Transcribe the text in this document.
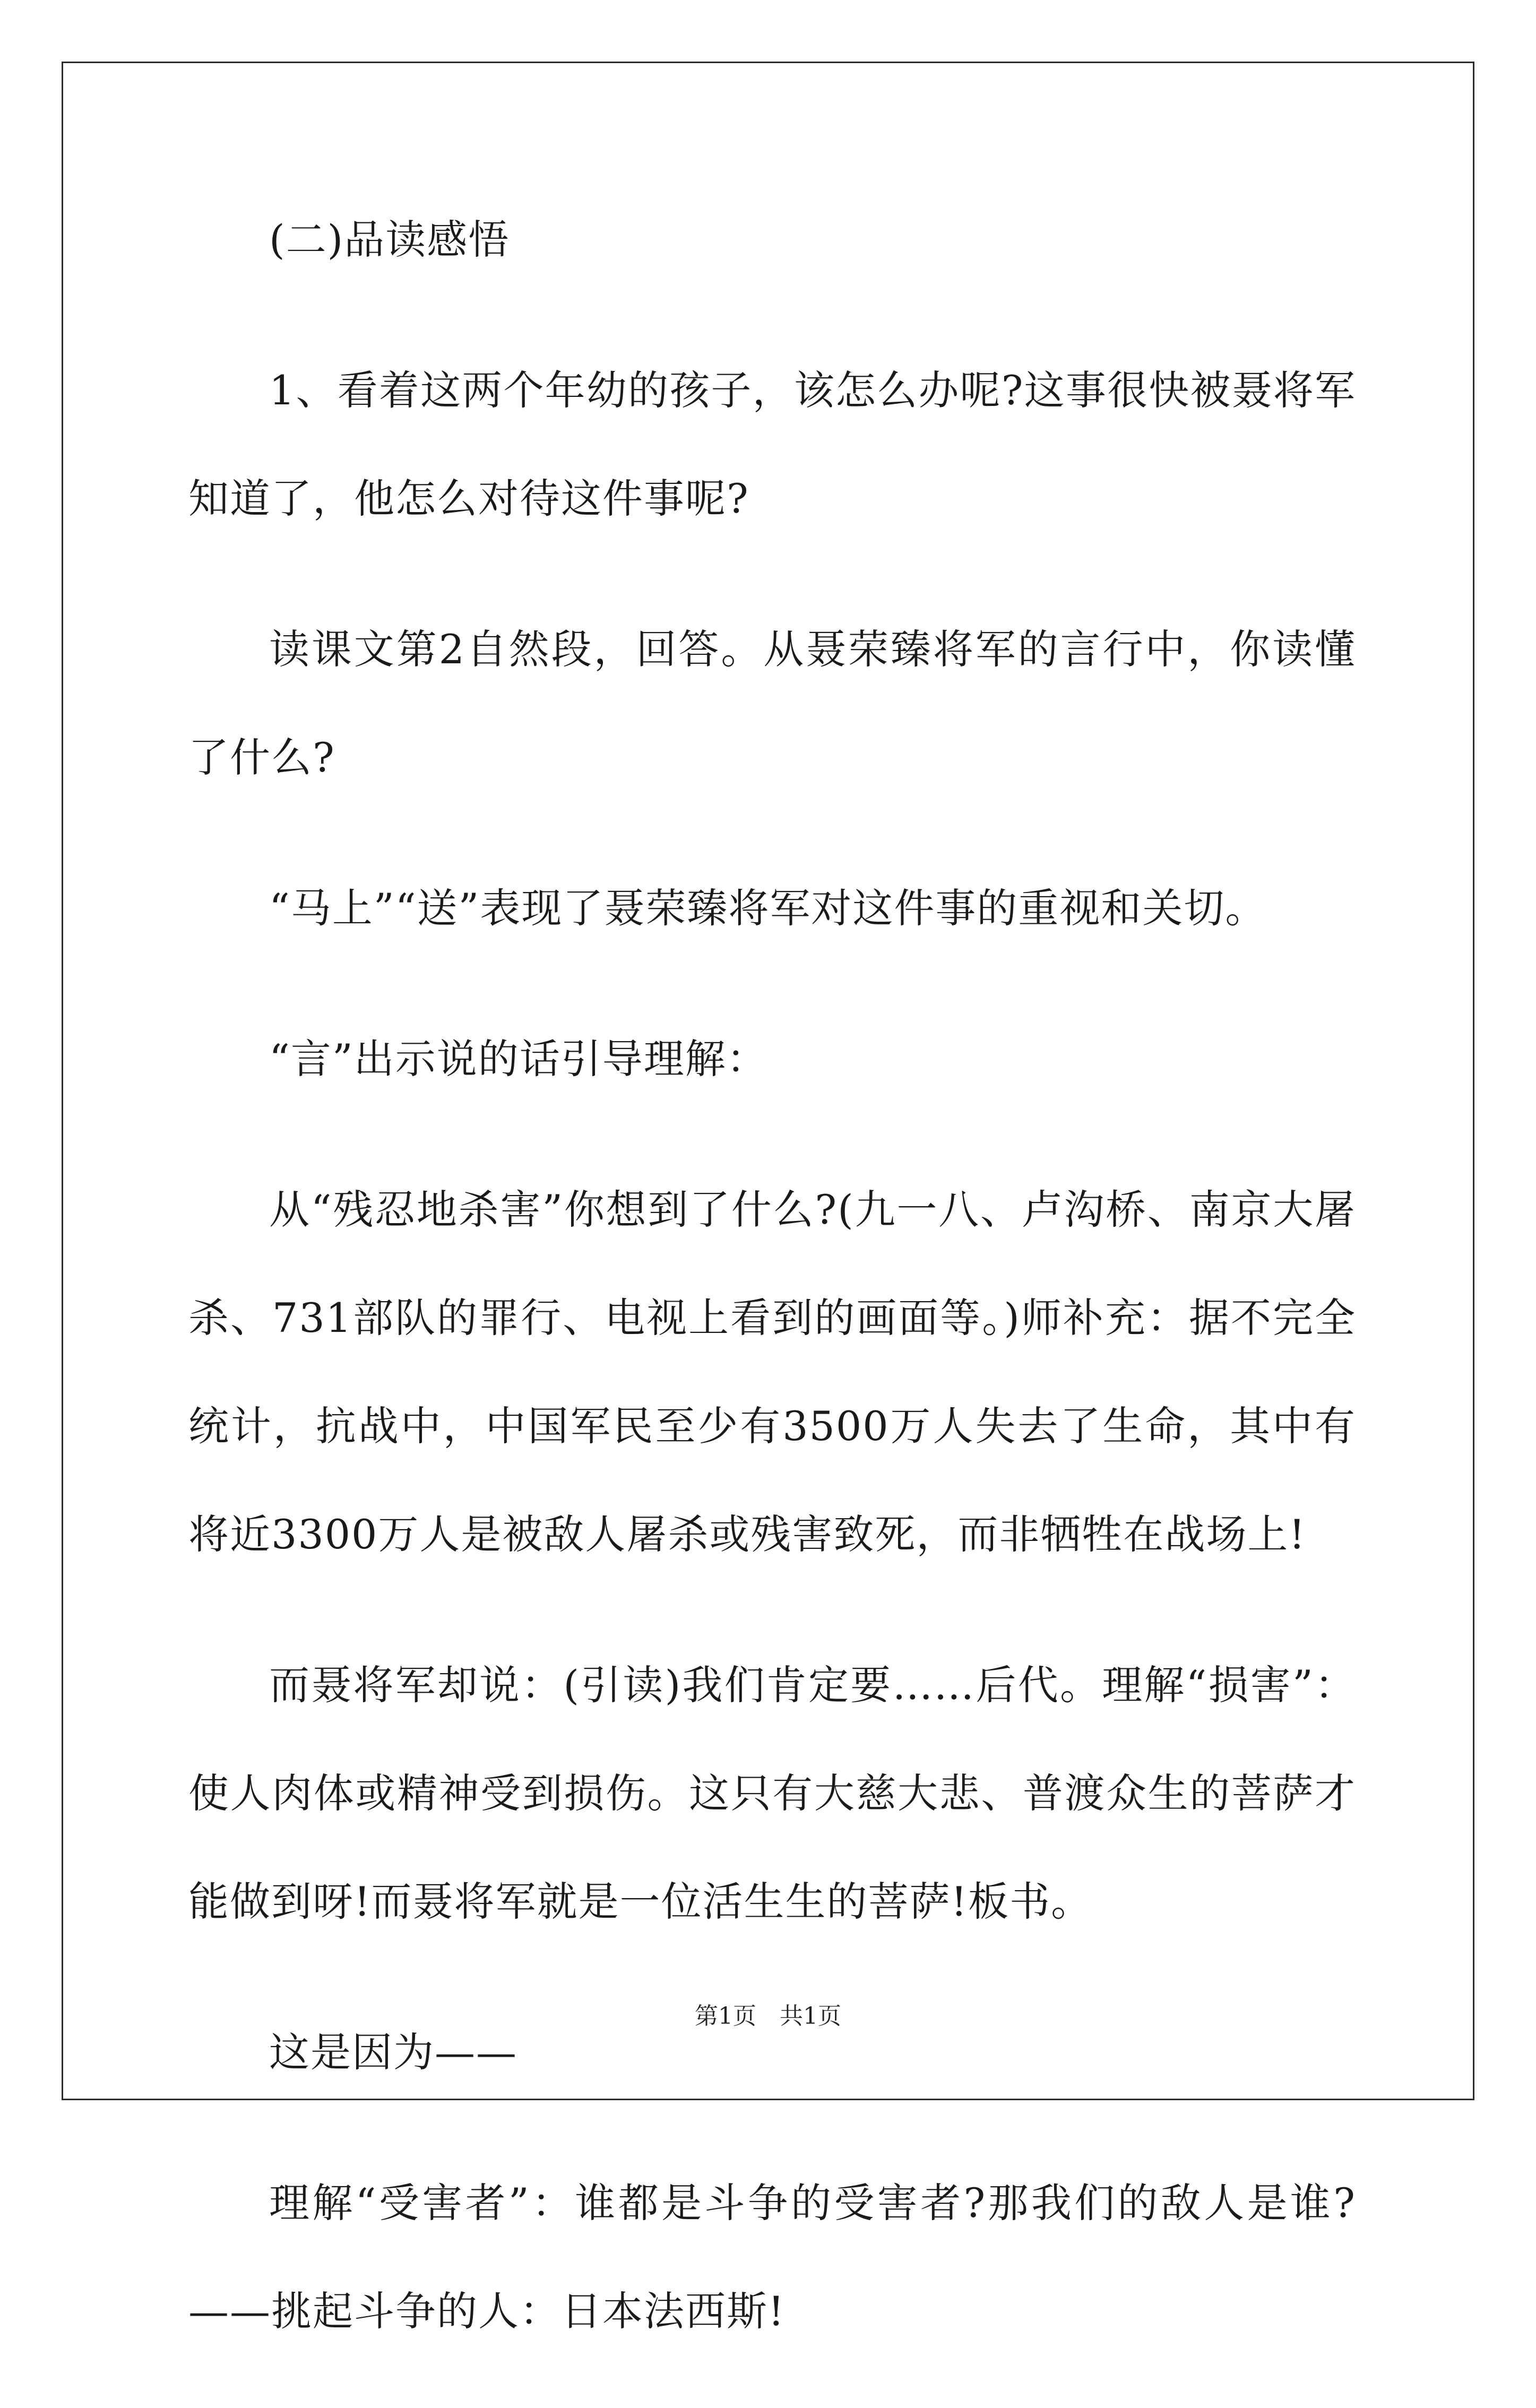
(二)品读感悟

1、看着这两个年幼的孩子，该怎么办呢?这事很快被聂将军知道了，他怎么对待这件事呢?

读课文第2自然段，回答。从聂荣臻将军的言行中，你读懂了什么?

“马上”“送”表现了聂荣臻将军对这件事的重视和关切。

“言”出示说的话引导理解：

从“残忍地杀害”你想到了什么?(九一八、卢沟桥、南京大屠杀、731部队的罪行、电视上看到的画面等。)师补充：据不完全统计，抗战中，中国军民至少有3500万人失去了生命，其中有将近3300万人是被敌人屠杀或残害致死，而非牺牲在战场上!

而聂将军却说：(引读)我们肯定要……后代。理解“损害”：使人肉体或精神受到损伤。这只有大慈大悲、普渡众生的菩萨才能做到呀!而聂将军就是一位活生生的菩萨!板书。

这是因为——

理解“受害者”：谁都是斗争的受害者?那我们的敌人是谁?——挑起斗争的人：日本法西斯!

第1页　共1页
